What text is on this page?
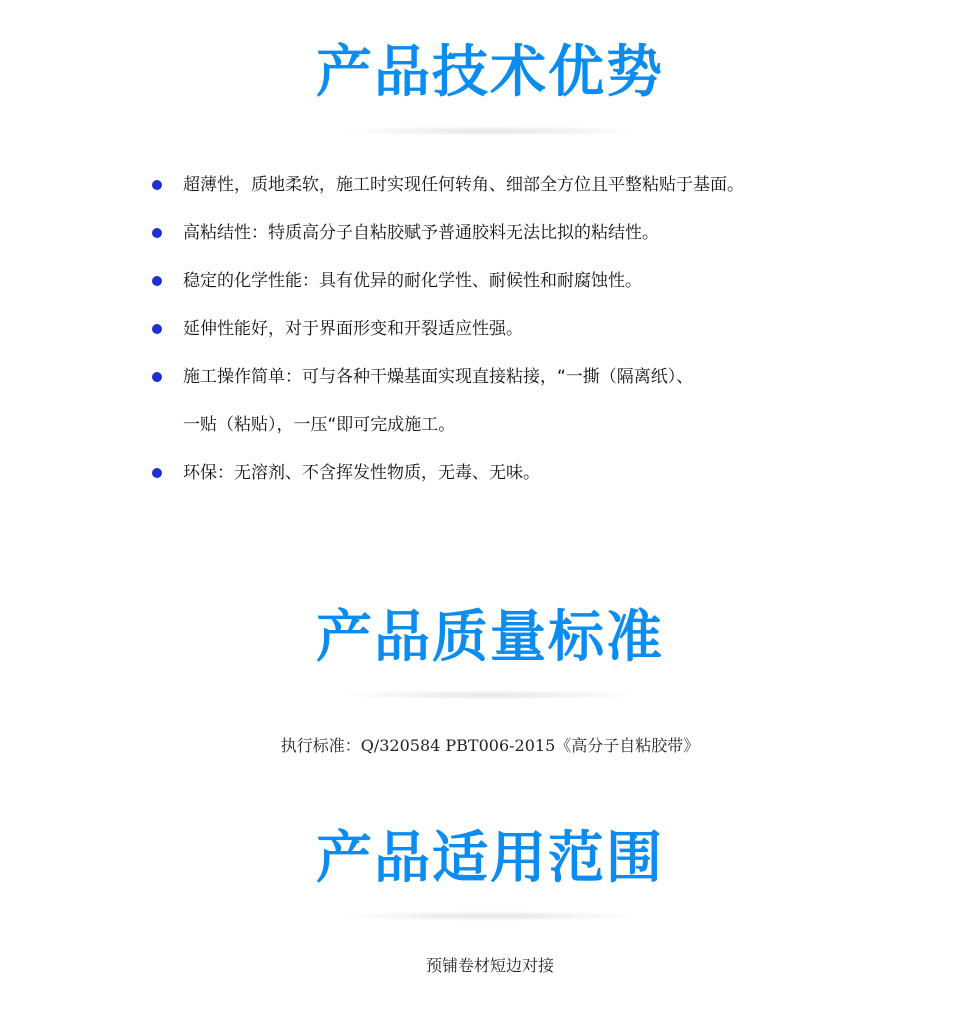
产品技术优势
超薄性，质地柔软，施工时实现任何转角、细部全方位且平整粘贴于基面。
高粘结性：特质高分子自粘胶赋予普通胶料无法比拟的粘结性。
稳定的化学性能：具有优异的耐化学性、耐候性和耐腐蚀性。
延伸性能好，对于界面形变和开裂适应性强。
施工操作简单：可与各种干燥基面实现直接粘接，“一撕（隔离纸）、
一贴（粘贴），一压“即可完成施工。
环保：无溶剂、不含挥发性物质，无毒、无味。
产品质量标准
执行标准：Q/320584 PBT006-2015《高分子自粘胶带》
产品适用范围
预铺卷材短边对接
